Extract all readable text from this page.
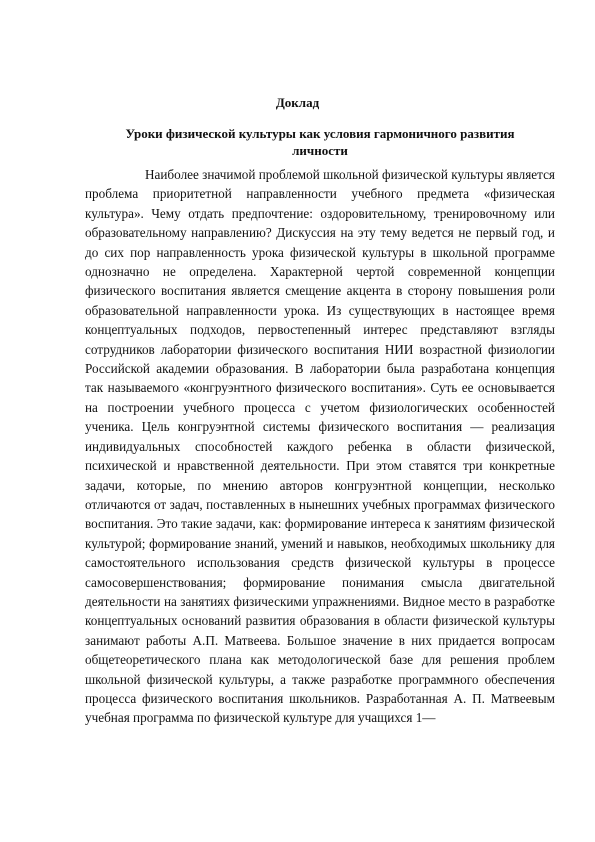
Доклад
Уроки физической культуры как условия гармоничного развития личности

Наиболее значимой проблемой школьной физической культуры является проблема приоритетной направленности учебного предмета «физическая культура». Чему отдать предпочтение: оздоровительному, тренировочному или образовательному направлению? Дискуссия на эту тему ведется не первый год, и до сих пор направленность урока физической культуры в школьной программе однозначно не определена. Характерной чертой современной концепции физического воспитания является смещение акцента в сторону повышения роли образовательной направленности урока. Из существующих в настоящее время концептуальных подходов, первостепенный интерес представляют взгляды сотрудников лаборатории физического воспитания НИИ возрастной физиологии Российской академии образования. В лаборатории была разработана концепция так называемого «конгруэнтного физического воспитания». Суть ее основывается на построении учебного процесса с учетом физиологических особенностей ученика. Цель конгруэнтной системы физического воспитания — реализация индивидуальных способностей каждого ребенка в области физической, психической и нравственной деятельности. При этом ставятся три конкретные задачи, которые, по мнению авторов конгруэнтной концепции, несколько отличаются от задач, поставленных в нынешних учебных программах физического воспитания. Это такие задачи, как: формирование интереса к занятиям физической культурой; формирование знаний, умений и навыков, необходимых школьнику для самостоятельного использования средств физической культуры в процессе самосовершенствования; формирование понимания смысла двигательной деятельности на занятиях физическими упражнениями. Видное место в разработке концептуальных оснований развития образования в области физической культуры занимают работы А.П. Матвеева. Большое значение в них придается вопросам общетеоретического плана как методологической базе для решения проблем школьной физической культуры, а также разработке программного обеспечения процесса физического воспитания школьников. Разработанная А. П. Матвеевым учебная программа по физической культуре для учащихся 1—
